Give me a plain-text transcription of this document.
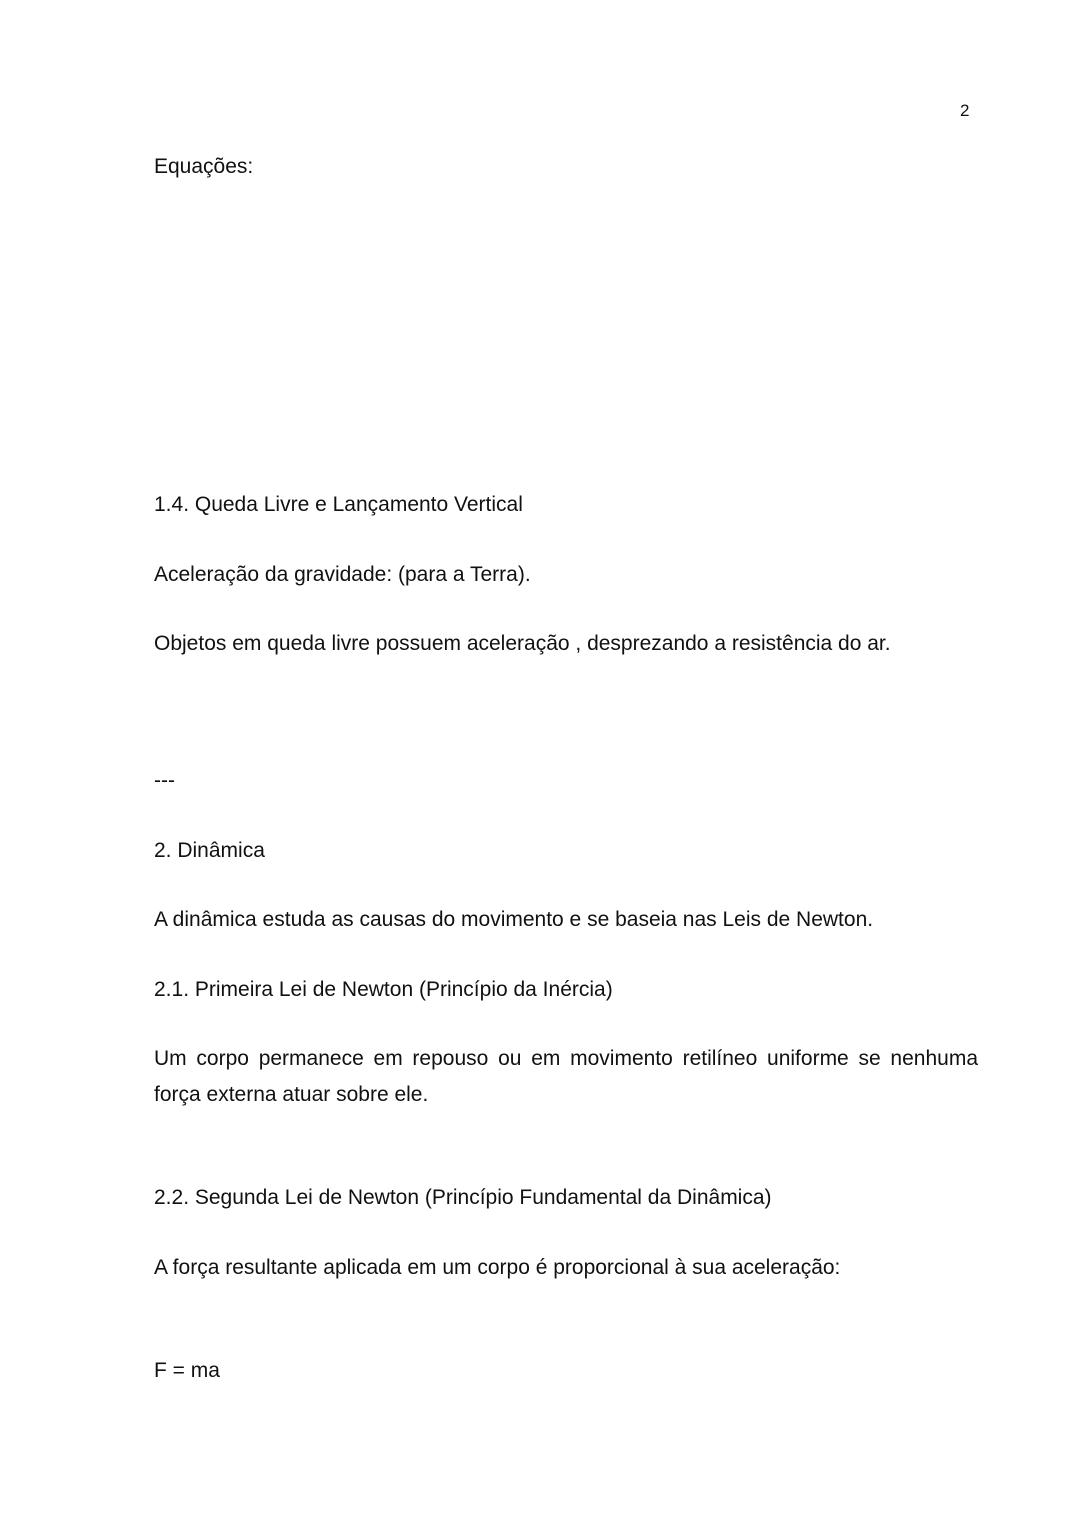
2
Equações:
1.4. Queda Livre e Lançamento Vertical
Aceleração da gravidade: (para a Terra).
Objetos em queda livre possuem aceleração , desprezando a resistência do ar.
---
2. Dinâmica
A dinâmica estuda as causas do movimento e se baseia nas Leis de Newton.
2.1. Primeira Lei de Newton (Princípio da Inércia)
Um corpo permanece em repouso ou em movimento retilíneo uniforme se nenhuma força externa atuar sobre ele.
2.2. Segunda Lei de Newton (Princípio Fundamental da Dinâmica)
A força resultante aplicada em um corpo é proporcional à sua aceleração:
F = ma
